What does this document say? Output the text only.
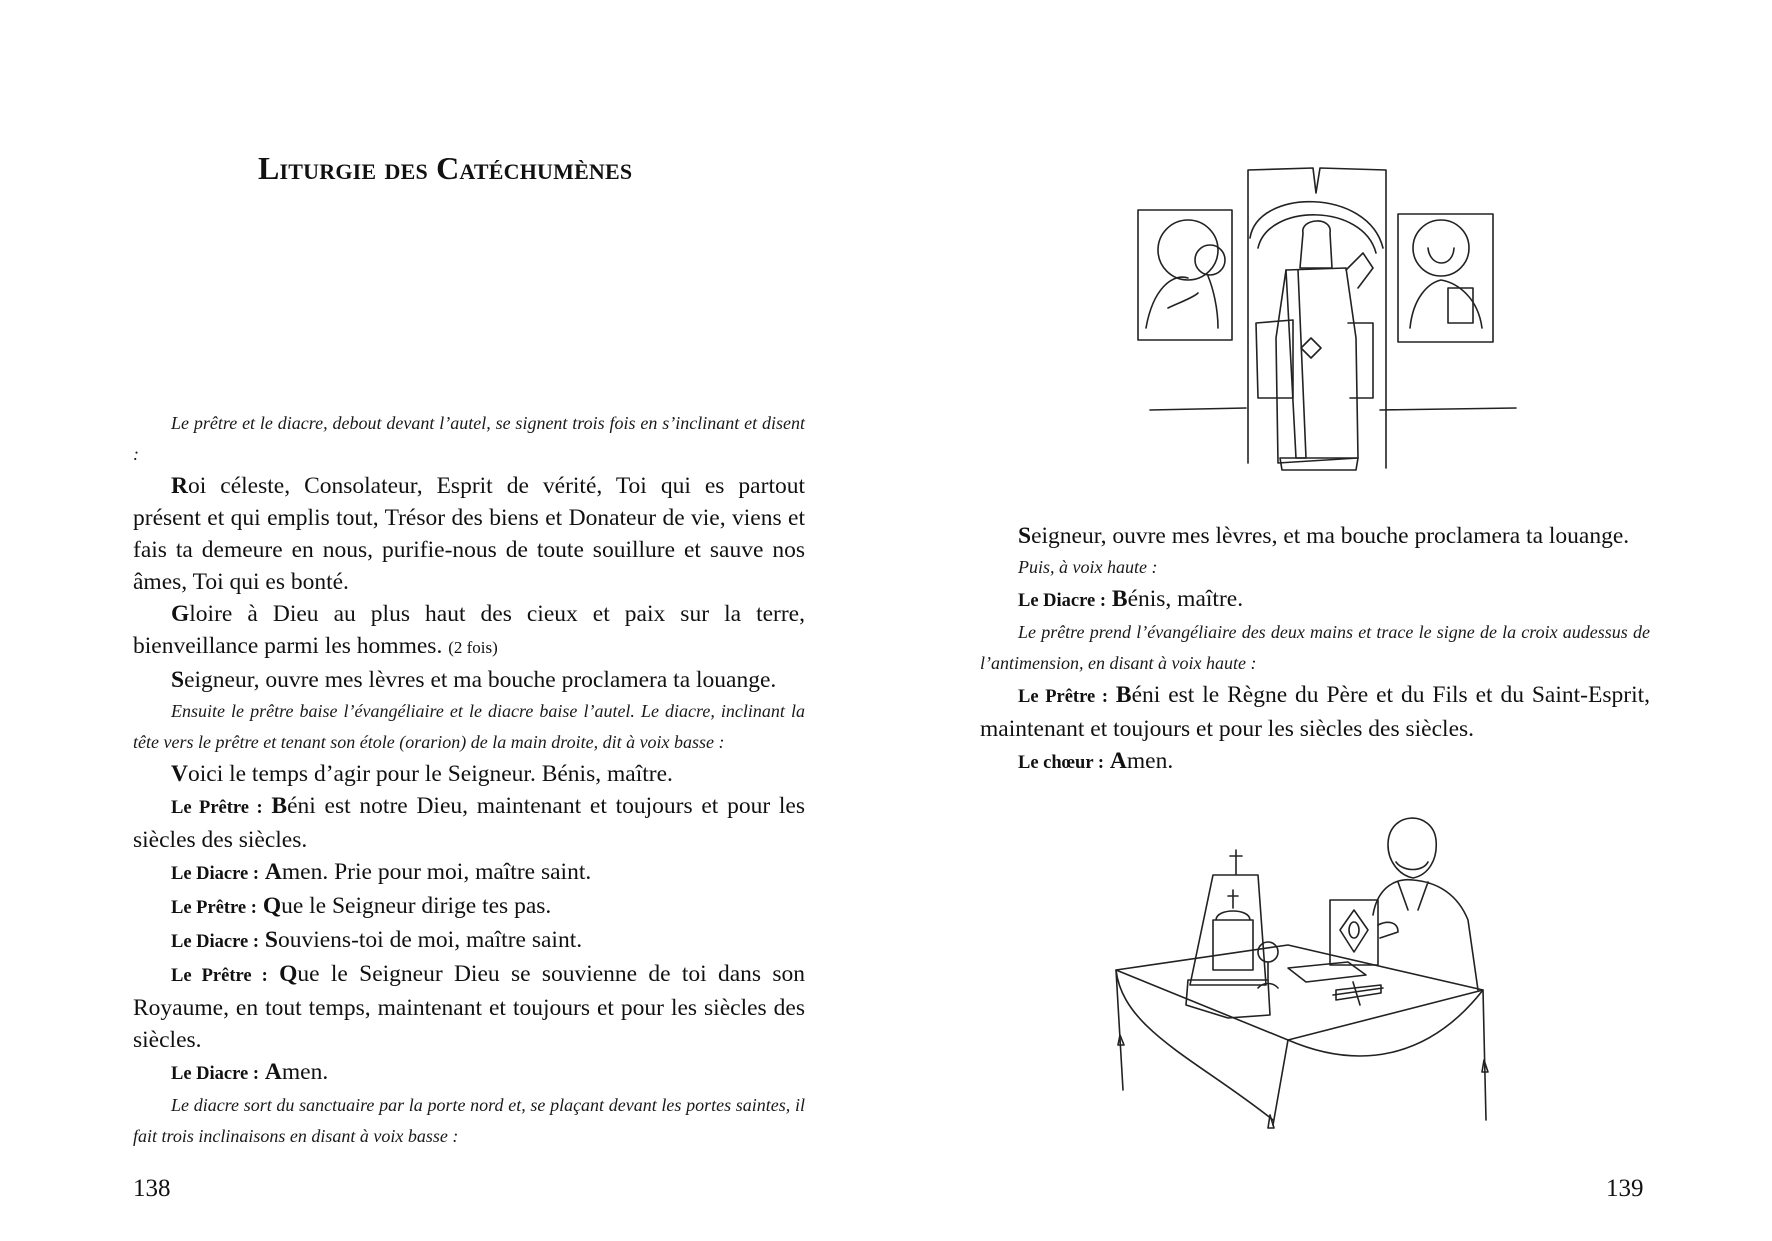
Liturgie des Catéchumènes

Le prêtre et le diacre, debout devant l’autel, se signent trois fois en s’inclinant et disent :

Roi céleste, Consolateur, Esprit de vérité, Toi qui es partout présent et qui emplis tout, Trésor des biens et Donateur de vie, viens et fais ta demeure en nous, purifie-nous de toute souillure et sauve nos âmes, Toi qui es bonté.

Gloire à Dieu au plus haut des cieux et paix sur la terre, bienveillance parmi les hommes. (2 fois)

Seigneur, ouvre mes lèvres et ma bouche proclamera ta louange.

Ensuite le prêtre baise l’évangéliaire et le diacre baise l’autel. Le diacre, inclinant la tête vers le prêtre et tenant son étole (orarion) de la main droite, dit à voix basse :

Voici le temps d’agir pour le Seigneur. Bénis, maître.

Le Prêtre : Béni est notre Dieu, maintenant et toujours et pour les siècles des siècles.

Le Diacre : Amen. Prie pour moi, maître saint.

Le Prêtre : Que le Seigneur dirige tes pas.

Le Diacre : Souviens-toi de moi, maître saint.

Le Prêtre : Que le Seigneur Dieu se souvienne de toi dans son Royaume, en tout temps, maintenant et toujours et pour les siècles des siècles.

Le Diacre : Amen.

Le diacre sort du sanctuaire par la porte nord et, se plaçant devant les portes saintes, il fait trois inclinaisons en disant à voix basse :

138

Seigneur, ouvre mes lèvres, et ma bouche proclamera ta louange.

Puis, à voix haute :

Le Diacre : Bénis, maître.

Le prêtre prend l’évangéliaire des deux mains et trace le signe de la croix audessus de l’antimension, en disant à voix haute :

Le Prêtre : Béni est le Règne du Père et du Fils et du Saint-Esprit, maintenant et toujours et pour les siècles des siècles.

Le chœur : Amen.

139
